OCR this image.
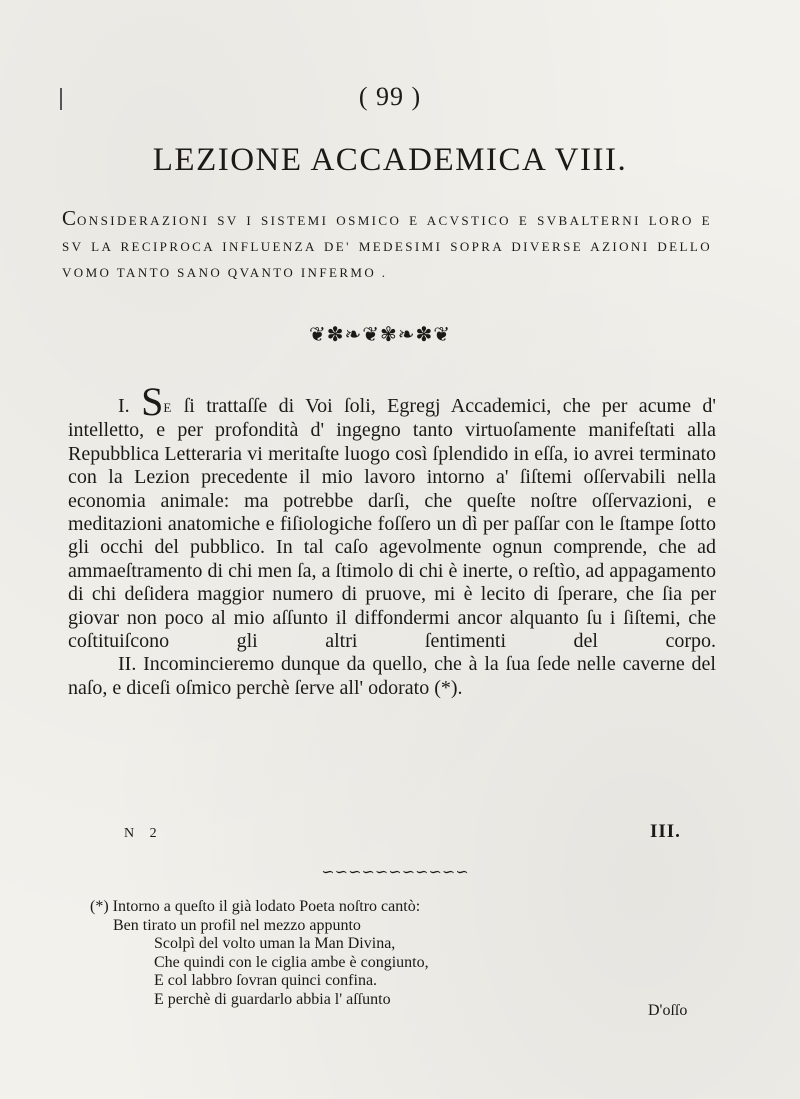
( 99 )
LEZIONE ACCADEMICA VIII.
CONSIDERAZIONI SV I SISTEMI OSMICO E ACVSTICO E SVBALTERNI LORO E SV LA RECIPROCA INFLUENZA DE' MEDESIMI SOPRA DIVERSE AZIONI DELLO VOMO TANTO SANO QVANTO INFERMO .
❦✽❧❦✾❧✽❦

I. SE ſi trattaſſe di Voi ſoli, Egregj Accademici, che per acume d' intelletto, e per profondità d' ingegno tanto virtuoſamente manifeſtati alla Repubblica Letteraria vi meritaſte luogo così ſplendido in eſſa, io avrei terminato con la Lezion precedente il mio lavoro intorno a' ſiſtemi oſſervabili nella economia animale: ma potrebbe darſi, che queſte noſtre oſſervazioni, e meditazioni anatomiche e fiſiologiche foſſero un dì per paſſar con le ſtampe ſotto gli occhi del pubblico. In tal caſo agevolmente ognun comprende, che ad ammaeſtramento di chi men ſa, a ſtimolo di chi è inerte, o reſtìo, ad appagamento di chi deſidera maggior numero di pruove, mi è lecito di ſperare, che ſia per giovar non poco al mio aſſunto il diffondermi ancor alquanto ſu i ſiſtemi, che coſtituiſcono gli altri ſentimenti del corpo.

II. Incomincieremo dunque da quello, che à la ſua ſede nelle caverne del naſo, e diceſi oſmico perchè ſerve all' odorato (*).

N 2	III.
∽∽∽∽∽∽∽∽∽∽∽

(*) Intorno a queſto il già lodato Poeta noſtro cantò:

Ben tirato un profil nel mezzo appunto

Scolpì del volto uman la Man Divina,

Che quindi con le ciglia ambe è congiunto,

E col labbro ſovran quinci confina.

E perchè di guardarlo abbia l' aſſunto

D'oſſo
